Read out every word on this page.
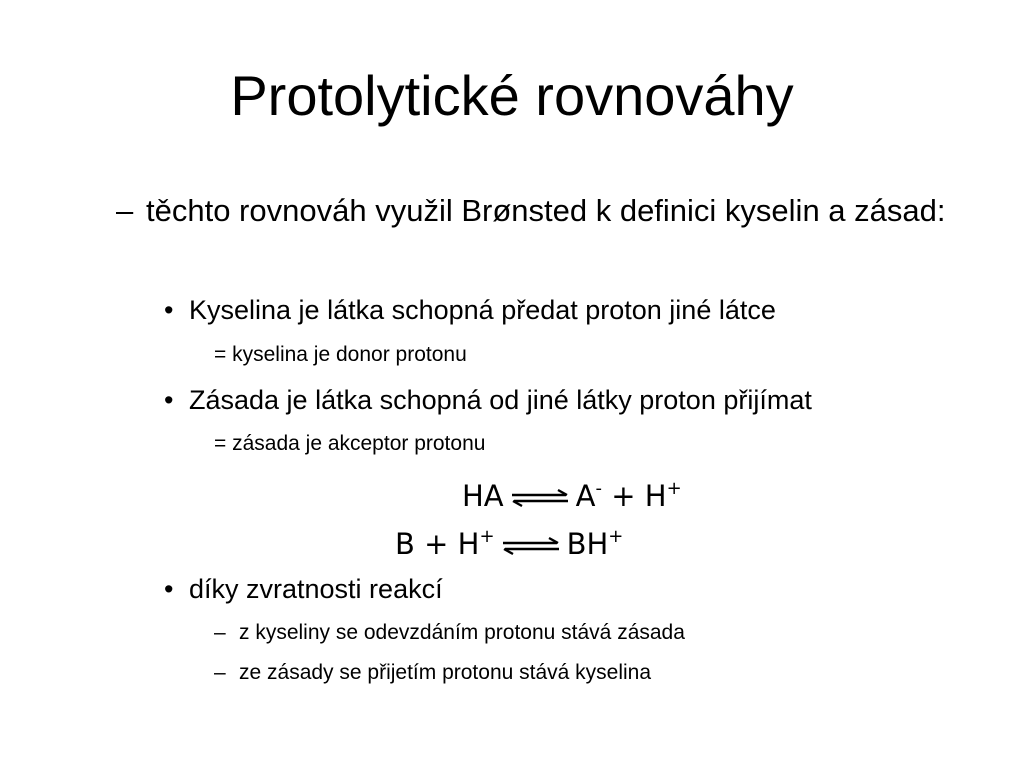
Protolytické rovnováhy
– těchto rovnováh využil Brønsted k definici kyselin a zásad:
• Kyselina je látka schopná předat proton jiné látce
= kyselina je donor protonu
• Zásada je látka schopná od jiné látky proton přijímat
= zásada je akceptor protonu
HA ⇌ A- + H+
B + H+ ⇌ BH+
• díky zvratnosti reakcí
– z kyseliny se odevzdáním protonu stává zásada
– ze zásady se přijetím protonu stává kyselina
